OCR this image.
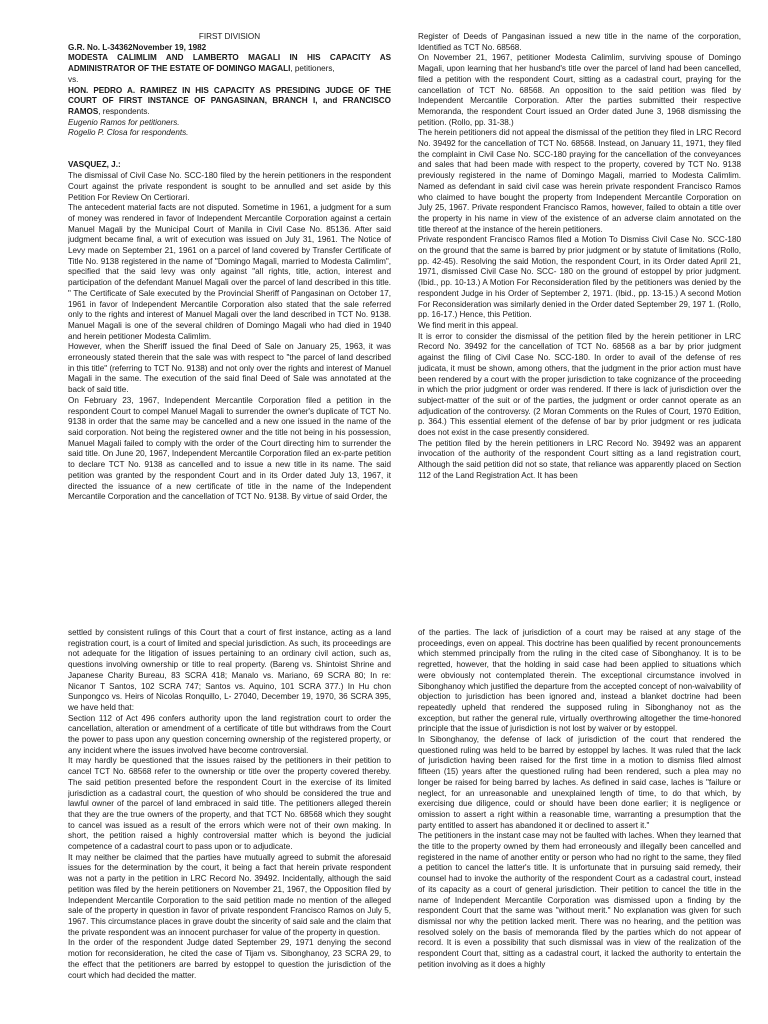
FIRST DIVISION

G.R. No. L-34362November 19, 1982

MODESTA CALIMLIM AND LAMBERTO MAGALI IN HIS CAPACITY AS ADMINISTRATOR OF THE ESTATE OF DOMINGO MAGALI, petitioners,

vs.

HON. PEDRO A. RAMIREZ IN HIS CAPACITY AS PRESIDING JUDGE OF THE COURT OF FIRST INSTANCE OF PANGASINAN, BRANCH I, and FRANCISCO RAMOS, respondents.

Eugenio Ramos for petitioners.

Rogelio P. Closa for respondents.

VASQUEZ, J.:

The dismissal of Civil Case No. SCC-180 filed by the herein petitioners in the respondent Court against the private respondent is sought to be annulled and set aside by this Petition For Review On Certiorari.

The antecedent material facts are not disputed. Sometime in 1961, a judgment for a sum of money was rendered in favor of Independent Mercantile Corporation against a certain Manuel Magali by the Municipal Court of Manila in Civil Case No. 85136. After said judgment became final, a writ of execution was issued on July 31, 1961. The Notice of Levy made on September 21, 1961 on a parcel of land covered by Transfer Certificate of Title No. 9138 registered in the name of "Domingo Magali, married to Modesta Calimlim", specified that the said levy was only against "all rights, title, action, interest and participation of the defendant Manuel Magali over the parcel of land described in this title. " The Certificate of Sale executed by the Provincial Sheriff of Pangasinan on October 17, 1961 in favor of Independent Mercantile Corporation also stated that the sale referred only to the rights and interest of Manuel Magali over the land described in TCT No. 9138. Manuel Magali is one of the several children of Domingo Magali who had died in 1940 and herein petitioner Modesta Calimlim.

However, when the Sheriff issued the final Deed of Sale on January 25, 1963, it was erroneously stated therein that the sale was with respect to "the parcel of land described in this title" (referring to TCT No. 9138) and not only over the rights and interest of Manuel Magali in the same. The execution of the said final Deed of Sale was annotated at the back of said title.

On February 23, 1967, Independent Mercantile Corporation filed a petition in the respondent Court to compel Manuel Magali to surrender the owner's duplicate of TCT No. 9138 in order that the same may be cancelled and a new one issued in the name of the said corporation. Not being the registered owner and the title not being in his possession, Manuel Magali failed to comply with the order of the Court directing him to surrender the said title. On June 20, 1967, Independent Mercantile Corporation filed an ex-parte petition to declare TCT No. 9138 as cancelled and to issue a new title in its name. The said petition was granted by the respondent Court and in its Order dated July 13, 1967, it directed the issuance of a new certificate of title in the name of the Independent Mercantile Corporation and the cancellation of TCT No. 9138. By virtue of said Order, the

Register of Deeds of Pangasinan issued a new title in the name of the corporation, Identified as TCT No. 68568.

On November 21, 1967, petitioner Modesta Calimlim, surviving spouse of Domingo Magali, upon learning that her husband's title over the parcel of land had been cancelled, filed a petition with the respondent Court, sitting as a cadastral court, praying for the cancellation of TCT No. 68568. An opposition to the said petition was filed by Independent Mercantile Corporation. After the parties submitted their respective Memoranda, the respondent Court issued an Order dated June 3, 1968 dismissing the petition. (Rollo, pp. 31-38.)

The herein petitioners did not appeal the dismissal of the petition they filed in LRC Record No. 39492 for the cancellation of TCT No. 68568. Instead, on January 11, 1971, they filed the complaint in Civil Case No. SCC-180 praying for the cancellation of the conveyances and sales that had been made with respect to the property, covered by TCT No. 9138 previously registered in the name of Domingo Magali, married to Modesta Calimlim. Named as defendant in said civil case was herein private respondent Francisco Ramos who claimed to have bought the property from Independent Mercantile Corporation on July 25, 1967. Private respondent Francisco Ramos, however, failed to obtain a title over the property in his name in view of the existence of an adverse claim annotated on the title thereof at the instance of the herein petitioners.

Private respondent Francisco Ramos filed a Motion To Dismiss Civil Case No. SCC-180 on the ground that the same is barred by prior judgment or by statute of limitations (Rollo, pp. 42-45). Resolving the said Motion, the respondent Court, in its Order dated April 21, 1971, dismissed Civil Case No. SCC- 180 on the ground of estoppel by prior judgment. (Ibid., pp. 10-13.) A Motion For Reconsideration filed by the petitioners was denied by the respondent Judge in his Order of September 2, 1971. (Ibid., pp. 13-15.) A second Motion For Reconsideration was similarly denied in the Order dated September 29, 197 1. (Rollo, pp. 16-17.) Hence, this Petition.

We find merit in this appeal.

It is error to consider the dismissal of the petition filed by the herein petitioner in LRC Record No. 39492 for the cancellation of TCT No. 68568 as a bar by prior judgment against the filing of Civil Case No. SCC-180. In order to avail of the defense of res judicata, it must be shown, among others, that the judgment in the prior action must have been rendered by a court with the proper jurisdiction to take cognizance of the proceeding in which the prior judgment or order was rendered. If there is lack of jurisdiction over the subject-matter of the suit or of the parties, the judgment or order cannot operate as an adjudication of the controversy. (2 Moran Comments on the Rules of Court, 1970 Edition, p. 364.) This essential element of the defense of bar by prior judgment or res judicata does not exist in the case presently considered.

The petition filed by the herein petitioners in LRC Record No. 39492 was an apparent invocation of the authority of the respondent Court sitting as a land registration court, Although the said petition did not so state, that reliance was apparently placed on Section 112 of the Land Registration Act. It has been

settled by consistent rulings of this Court that a court of first instance, acting as a land registration court, is a court of limited and special jurisdiction. As such, its proceedings are not adequate for the litigation of issues pertaining to an ordinary civil action, such as, questions involving ownership or title to real property. (Bareng vs. Shintoist Shrine and Japanese Charity Bureau, 83 SCRA 418; Manalo vs. Mariano, 69 SCRA 80; In re: Nicanor T Santos, 102 SCRA 747; Santos vs. Aquino, 101 SCRA 377.) In Hu chon Sunpongco vs. Heirs of Nicolas Ronquillo, L- 27040, December 19, 1970, 36 SCRA 395, we have held that:

Section 112 of Act 496 confers authority upon the land registration court to order the cancellation, alteration or amendment of a certificate of title but withdraws from the Court the power to pass upon any question concerning ownership of the registered property, or any incident where the issues involved have become controversial.

It may hardly be questioned that the issues raised by the petitioners in their petition to cancel TCT No. 68568 refer to the ownership or title over the property covered thereby. The said petition presented before the respondent Court in the exercise of its limited jurisdiction as a cadastral court, the question of who should be considered the true and lawful owner of the parcel of land embraced in said title. The petitioners alleged therein that they are the true owners of the property, and that TCT No. 68568 which they sought to cancel was issued as a result of the errors which were not of their own making. In short, the petition raised a highly controversial matter which is beyond the judicial competence of a cadastral court to pass upon or to adjudicate.

It may neither be claimed that the parties have mutually agreed to submit the aforesaid issues for the determination by the court, it being a fact that herein private respondent was not a party in the petition in LRC Record No. 39492. Incidentally, although the said petition was filed by the herein petitioners on November 21, 1967, the Opposition filed by Independent Mercantile Corporation to the said petition made no mention of the alleged sale of the property in question in favor of private respondent Francisco Ramos on July 5, 1967. This circumstance places in grave doubt the sincerity of said sale and the claim that the private respondent was an innocent purchaser for value of the property in question.

In the order of the respondent Judge dated September 29, 1971 denying the second motion for reconsideration, he cited the case of Tijam vs. Sibonghanoy, 23 SCRA 29, to the effect that the petitioners are barred by estoppel to question the jurisdiction of the court which had decided the matter.

of the parties. The lack of jurisdiction of a court may be raised at any stage of the proceedings, even on appeal. This doctrine has been qualified by recent pronouncements which stemmed principally from the ruling in the cited case of Sibonghanoy. It is to be regretted, however, that the holding in said case had been applied to situations which were obviously not contemplated therein. The exceptional circumstance involved in Sibonghanoy which justified the departure from the accepted concept of non-waivability of objection to jurisdiction has been ignored and, instead a blanket doctrine had been repeatedly upheld that rendered the supposed ruling in Sibonghanoy not as the exception, but rather the general rule, virtually overthrowing altogether the time-honored principle that the issue of jurisdiction is not lost by waiver or by estoppel.

In Sibonghanoy, the defense of lack of jurisdiction of the court that rendered the questioned ruling was held to be barred by estoppel by laches. It was ruled that the lack of jurisdiction having been raised for the first time in a motion to dismiss filed almost fifteen (15) years after the questioned ruling had been rendered, such a plea may no longer be raised for being barred by laches. As defined in said case, laches is "failure or neglect, for an unreasonable and unexplained length of time, to do that which, by exercising due diligence, could or should have been done earlier; it is negligence or omission to assert a right within a reasonable time, warranting a presumption that the party entitled to assert has abandoned it or declined to assert it."

The petitioners in the instant case may not be faulted with laches. When they learned that the title to the property owned by them had erroneously and illegally been cancelled and registered in the name of another entity or person who had no right to the same, they filed a petition to cancel the latter's title. It is unfortunate that in pursuing said remedy, their counsel had to invoke the authority of the respondent Court as a cadastral court, instead of its capacity as a court of general jurisdiction. Their petition to cancel the title in the name of Independent Mercantile Corporation was dismissed upon a finding by the respondent Court that the same was "without merit." No explanation was given for such dismissal nor why the petition lacked merit. There was no hearing, and the petition was resolved solely on the basis of memoranda filed by the parties which do not appear of record. It is even a possibility that such dismissal was in view of the realization of the respondent Court that, sitting as a cadastral court, it lacked the authority to entertain the petition involving as it does a highly
